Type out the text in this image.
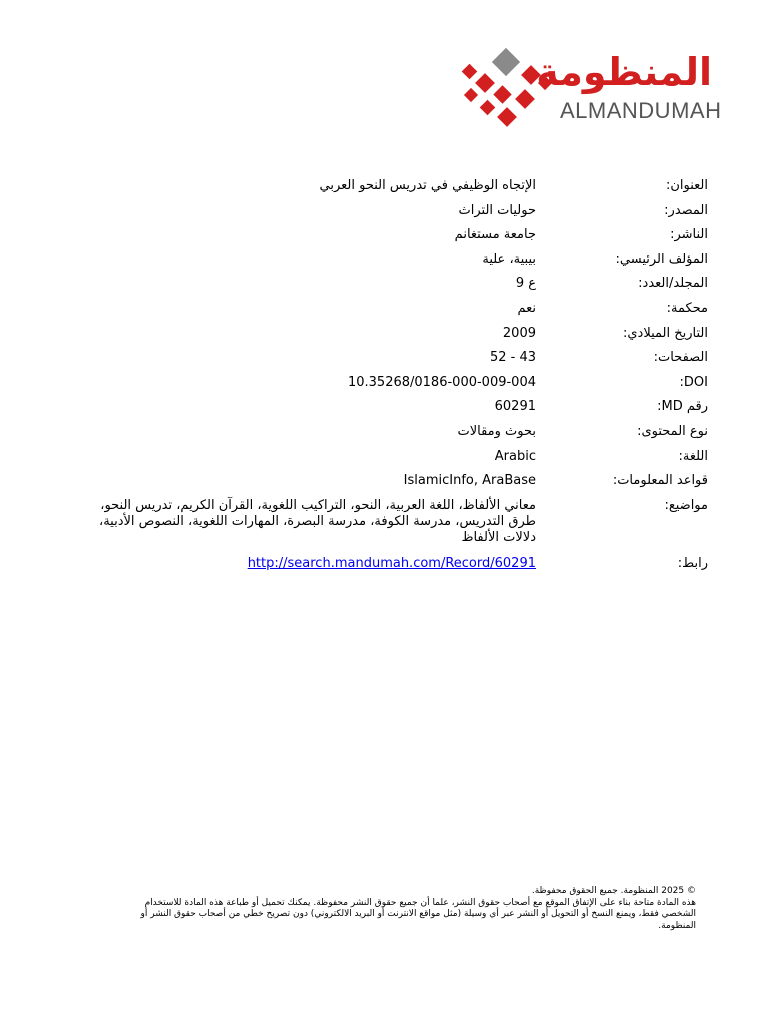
المنظومة
ALMANDUMAH
العنوان:
الإتجاه الوظيفي في تدريس النحو العربي
المصدر:
حوليات التراث
الناشر:
جامعة مستغانم
المؤلف الرئيسي:
بيبية، علية
المجلد/العدد:
ع 9
محكمة:
نعم
التاريخ الميلادي:
2009
الصفحات:
43 - 52
DOI:
10.35268/0186-000-009-004
رقم MD:
60291
نوع المحتوى:
بحوث ومقالات
اللغة:
Arabic
قواعد المعلومات:
IslamicInfo, AraBase
مواضيع:
معاني الألفاظ، اللغة العربية، النحو، التراكيب اللغوية، القرآن الكريم، تدريس النحو،
طرق التدريس، مدرسة الكوفة، مدرسة البصرة، المهارات اللغوية، النصوص الأدبية،
دلالات الألفاظ
رابط:
http://search.mandumah.com/Record/60291
© 2025 المنظومة. جميع الحقوق محفوظة.
هذه المادة متاحة بناء على الإتفاق الموقع مع أصحاب حقوق النشر، علما أن جميع حقوق النشر محفوظة. يمكنك تحميل أو طباعة هذه المادة للاستخدام
الشخصي فقط، ويمنع النسخ أو التحويل أو النشر عبر أي وسيلة (مثل مواقع الانترنت أو البريد الالكتروني) دون تصريح خطي من أصحاب حقوق النشر أو
المنظومة.
